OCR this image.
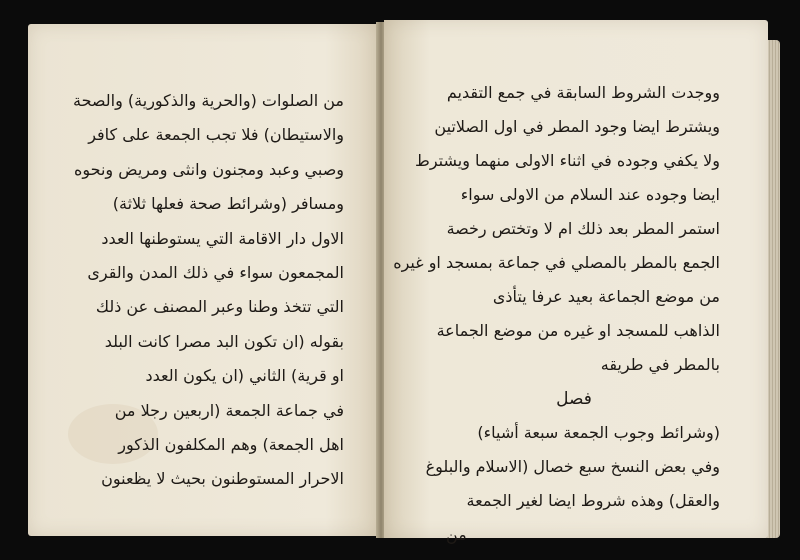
من الصلوات (والحرية والذكورية) والصحة
والاستيطان) فلا تجب الجمعة على كافر
وصبي وعبد ومجنون وانثى ومريض ونحوه
ومسافر (وشرائط صحة فعلها ثلاثة)
الاول دار الاقامة التي يستوطنها العدد
المجمعون سواء في ذلك المدن والقرى
التي تتخذ وطنا وعبر المصنف عن ذلك
بقوله (ان تكون البد مصرا كانت البلد
او قرية) الثاني (ان يكون العدد
في جماعة الجمعة (اربعين رجلا من
اهل الجمعة) وهم المكلفون الذكور
الاحرار المستوطنون بحيث لا يظعنون
ووجدت الشروط السابقة في جمع التقديم
ويشترط ايضا وجود المطر في اول الصلاتين
ولا يكفي وجوده في اثناء الاولى منهما ويشترط
ايضا وجوده عند السلام من الاولى سواء
استمر المطر بعد ذلك ام لا وتختص رخصة
الجمع بالمطر بالمصلي في جماعة بمسجد او غيره
من موضع الجماعة بعيد عرفا يتأذى
الذاهب للمسجد او غيره من موضع الجماعة
بالمطر في طريقه
فصل
(وشرائط وجوب الجمعة سبعة أشياء)
وفي بعض النسخ سبع خصال (الاسلام والبلوغ
والعقل) وهذه شروط ايضا لغير الجمعة
من
